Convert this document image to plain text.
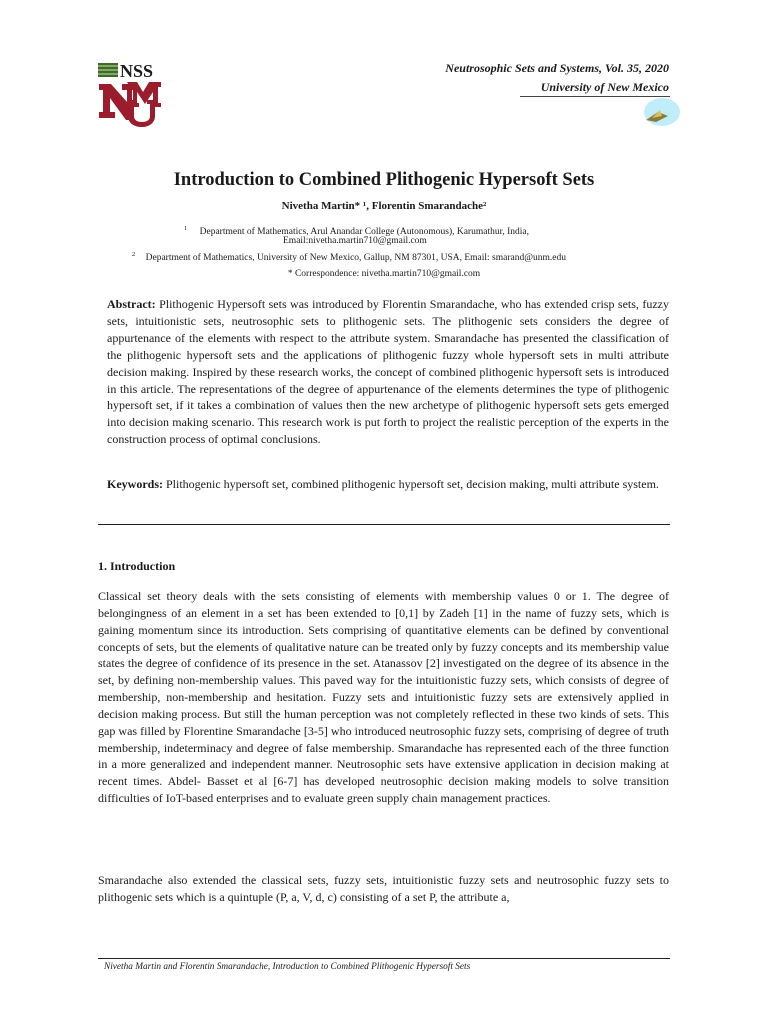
NSS	Neutrosophic Sets and Systems, Vol. 35, 2020
University of New Mexico
Introduction to Combined Plithogenic Hypersoft Sets
Nivetha Martin* ¹, Florentin Smarandache²
$^1$ Department of Mathematics, Arul Anandar College (Autonomous), Karumathur, India,
Email:nivetha.martin710@gmail.com
$^2$ Department of Mathematics, University of New Mexico, Gallup, NM 87301, USA, Email: smarand@unm.edu
* Correspondence: nivetha.martin710@gmail.com
Abstract: Plithogenic Hypersoft sets was introduced by Florentin Smarandache, who has extended crisp sets, fuzzy sets, intuitionistic sets, neutrosophic sets to plithogenic sets. The plithogenic sets considers the degree of appurtenance of the elements with respect to the attribute system. Smarandache has presented the classification of the plithogenic hypersoft sets and the applications of plithogenic fuzzy whole hypersoft sets in multi attribute decision making. Inspired by these research works, the concept of combined plithogenic hypersoft sets is introduced in this article. The representations of the degree of appurtenance of the elements determines the type of plithogenic hypersoft set, if it takes a combination of values then the new archetype of plithogenic hypersoft sets gets emerged into decision making scenario. This research work is put forth to project the realistic perception of the experts in the construction process of optimal conclusions.
Keywords: Plithogenic hypersoft set, combined plithogenic hypersoft set, decision making, multi attribute system.
1. Introduction
Classical set theory deals with the sets consisting of elements with membership values 0 or 1. The degree of belongingness of an element in a set has been extended to [0,1] by Zadeh [1] in the name of fuzzy sets, which is gaining momentum since its introduction. Sets comprising of quantitative elements can be defined by conventional concepts of sets, but the elements of qualitative nature can be treated only by fuzzy concepts and its membership value states the degree of confidence of its presence in the set. Atanassov [2] investigated on the degree of its absence in the set, by defining non-membership values. This paved way for the intuitionistic fuzzy sets, which consists of degree of membership, non-membership and hesitation. Fuzzy sets and intuitionistic fuzzy sets are extensively applied in decision making process. But still the human perception was not completely reflected in these two kinds of sets. This gap was filled by Florentine Smarandache [3-5] who introduced neutrosophic fuzzy sets, comprising of degree of truth membership, indeterminacy and degree of false membership. Smarandache has represented each of the three function in a more generalized and independent manner. Neutrosophic sets have extensive application in decision making at recent times. Abdel- Basset et al [6-7] has developed neutrosophic decision making models to solve transition difficulties of IoT-based enterprises and to evaluate green supply chain management practices.
Smarandache also extended the classical sets, fuzzy sets, intuitionistic fuzzy sets and neutrosophic fuzzy sets to plithogenic sets which is a quintuple (P, a, V, d, c) consisting of a set P, the attribute a,
Nivetha Martin and Florentin Smarandache, Introduction to Combined Plithogenic Hypersoft Sets
